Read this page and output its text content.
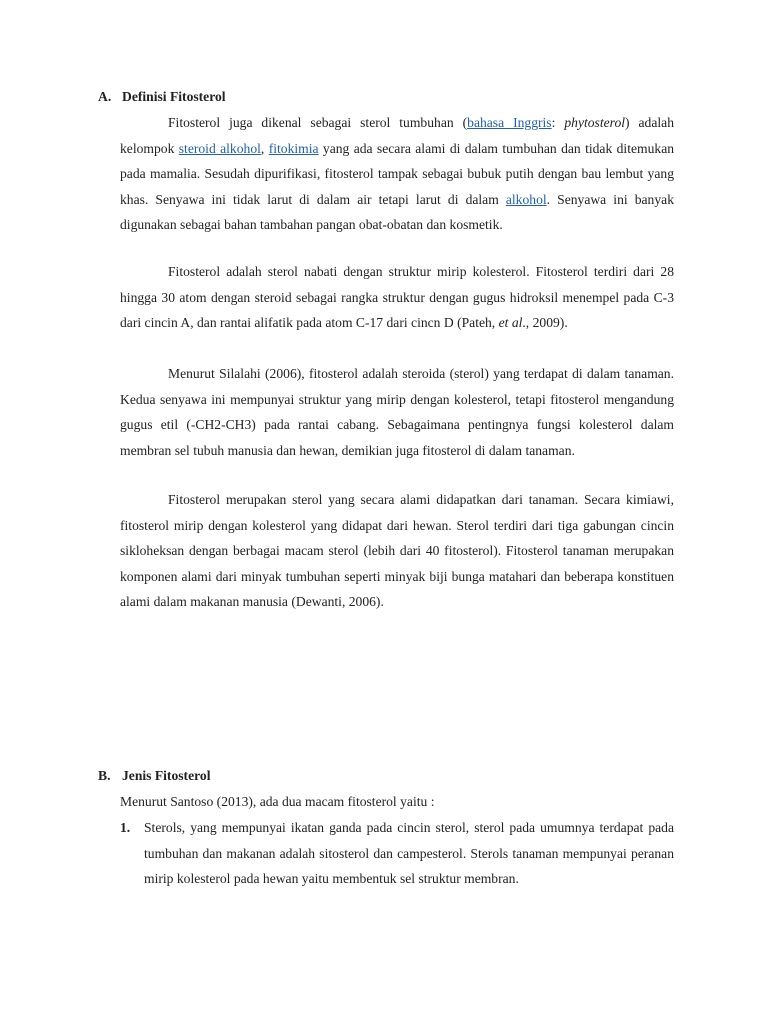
A. Definisi Fitosterol

Fitosterol juga dikenal sebagai sterol tumbuhan (bahasa Inggris: phytosterol) adalah kelompok steroid alkohol, fitokimia yang ada secara alami di dalam tumbuhan dan tidak ditemukan pada mamalia. Sesudah dipurifikasi, fitosterol tampak sebagai bubuk putih dengan bau lembut yang khas. Senyawa ini tidak larut di dalam air tetapi larut di dalam alkohol. Senyawa ini banyak digunakan sebagai bahan tambahan pangan obat-obatan dan kosmetik.

Fitosterol adalah sterol nabati dengan struktur mirip kolesterol. Fitosterol terdiri dari 28 hingga 30 atom dengan steroid sebagai rangka struktur dengan gugus hidroksil menempel pada C-3 dari cincin A, dan rantai alifatik pada atom C-17 dari cincn D (Pateh, et al., 2009).

Menurut Silalahi (2006), fitosterol adalah steroida (sterol) yang terdapat di dalam tanaman. Kedua senyawa ini mempunyai struktur yang mirip dengan kolesterol, tetapi fitosterol mengandung gugus etil (-CH2-CH3) pada rantai cabang. Sebagaimana pentingnya fungsi kolesterol dalam membran sel tubuh manusia dan hewan, demikian juga fitosterol di dalam tanaman.

Fitosterol merupakan sterol yang secara alami didapatkan dari tanaman. Secara kimiawi, fitosterol mirip dengan kolesterol yang didapat dari hewan. Sterol terdiri dari tiga gabungan cincin sikloheksan dengan berbagai macam sterol (lebih dari 40 fitosterol). Fitosterol tanaman merupakan komponen alami dari minyak tumbuhan seperti minyak biji bunga matahari dan beberapa konstituen alami dalam makanan manusia (Dewanti, 2006).

B. Jenis Fitosterol

Menurut Santoso (2013), ada dua macam fitosterol yaitu :

1.	Sterols, yang mempunyai ikatan ganda pada cincin sterol, sterol pada umumnya terdapat pada tumbuhan dan makanan adalah sitosterol dan campesterol. Sterols tanaman mempunyai peranan mirip kolesterol pada hewan yaitu membentuk sel struktur membran.
